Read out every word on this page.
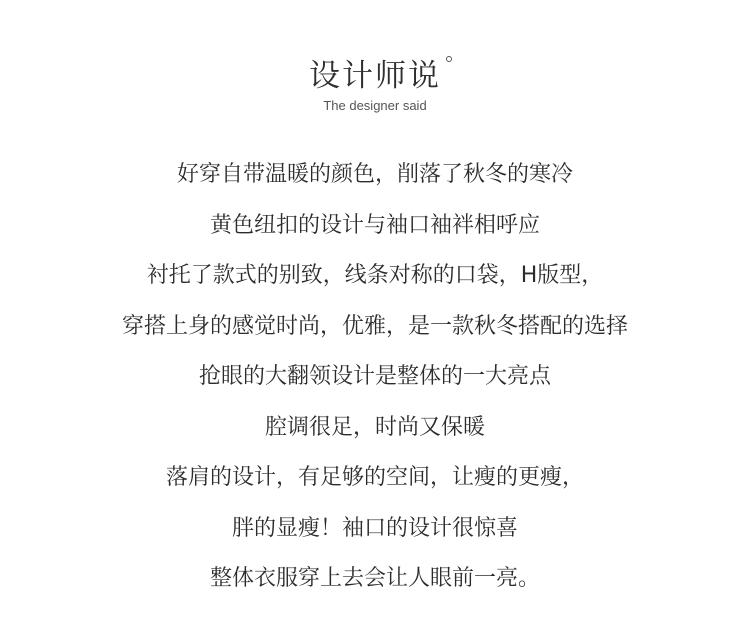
设计师说
The designer said
好穿自带温暖的颜色，削落了秋冬的寒冷
黄色纽扣的设计与袖口袖袢相呼应
衬托了款式的别致，线条对称的口袋，H版型，
穿搭上身的感觉时尚，优雅，是一款秋冬搭配的选择
抢眼的大翻领设计是整体的一大亮点
腔调很足，时尚又保暖
落肩的设计，有足够的空间，让瘦的更瘦，
胖的显瘦！袖口的设计很惊喜
整体衣服穿上去会让人眼前一亮。
